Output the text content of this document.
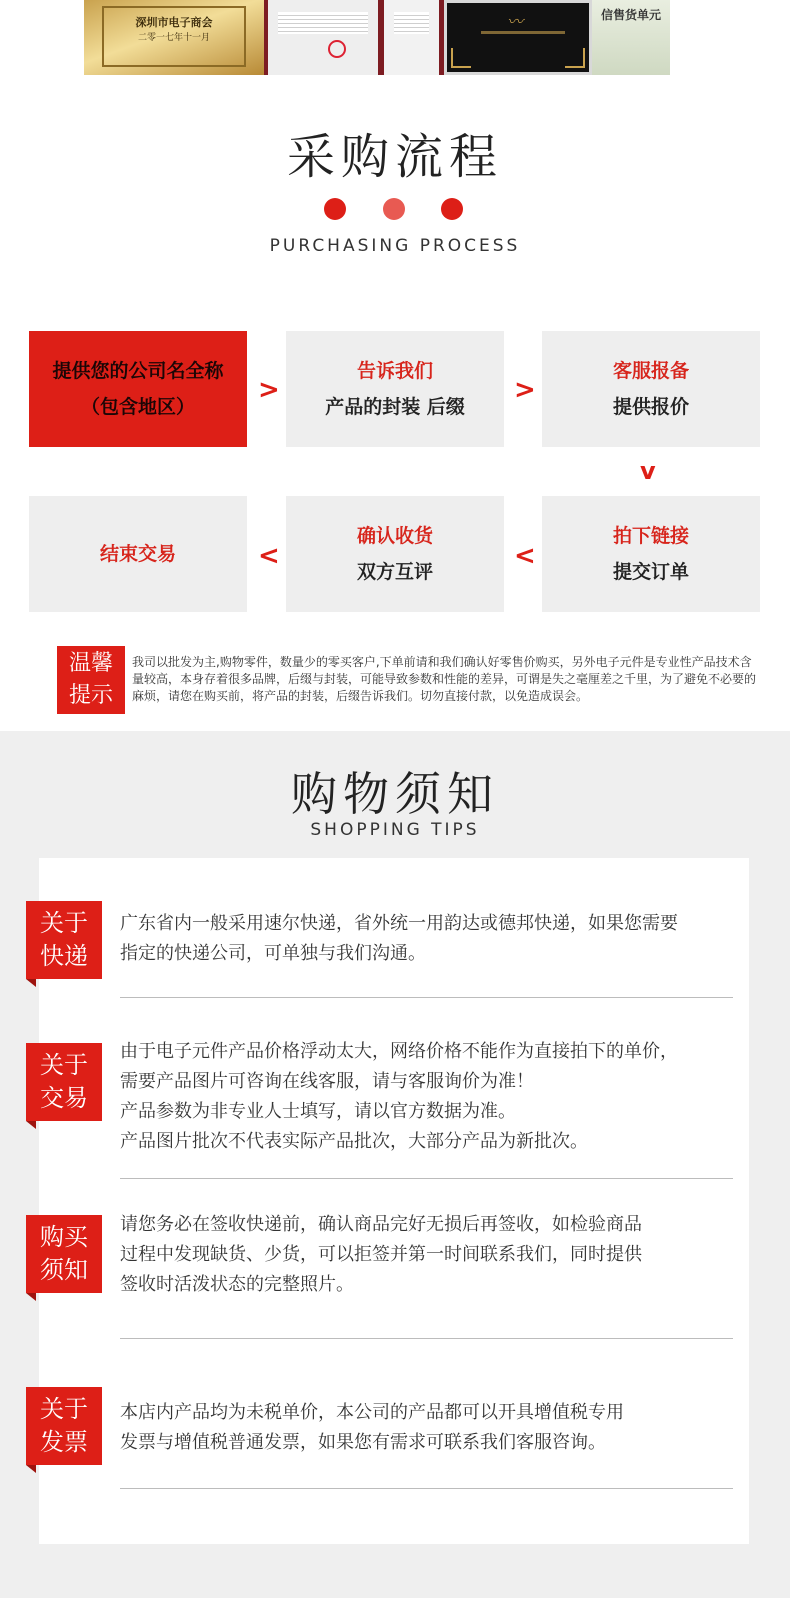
深圳市电子商会
二零一七年十一月
〰	信售货单元
采购流程
PURCHASING PROCESS
提供您的公司名全称
（包含地区）
>
告诉我们
产品的封装 后缀
>
客服报备
提供报价
v
结束交易	<
确认收货
双方互评
<
拍下链接
提交订单
温馨
提示
我司以批发为主,购物零件，数量少的零买客户,下单前请和我们确认好零售价购买，另外电子元件是专业性产品技术含量较高，本身存着很多品牌，后缀与封装，可能导致参数和性能的差异，可谓是失之毫厘差之千里，为了避免不必要的麻烦，请您在购买前，将产品的封装，后缀告诉我们。切勿直接付款，以免造成误会。
购物须知
SHOPPING TIPS
关于
快递
广东省内一般采用速尔快递，省外统一用韵达或德邦快递，如果您需要
指定的快递公司，可单独与我们沟通。
关于
交易
由于电子元件产品价格浮动太大，网络价格不能作为直接拍下的单价，
需要产品图片可咨询在线客服，请与客服询价为准！
产品参数为非专业人士填写，请以官方数据为准。
产品图片批次不代表实际产品批次，大部分产品为新批次。
购买
须知
请您务必在签收快递前，确认商品完好无损后再签收，如检验商品
过程中发现缺货、少货，可以拒签并第一时间联系我们，同时提供
签收时活泼状态的完整照片。
关于
发票
本店内产品均为未税单价，本公司的产品都可以开具增值税专用
发票与增值税普通发票，如果您有需求可联系我们客服咨询。
